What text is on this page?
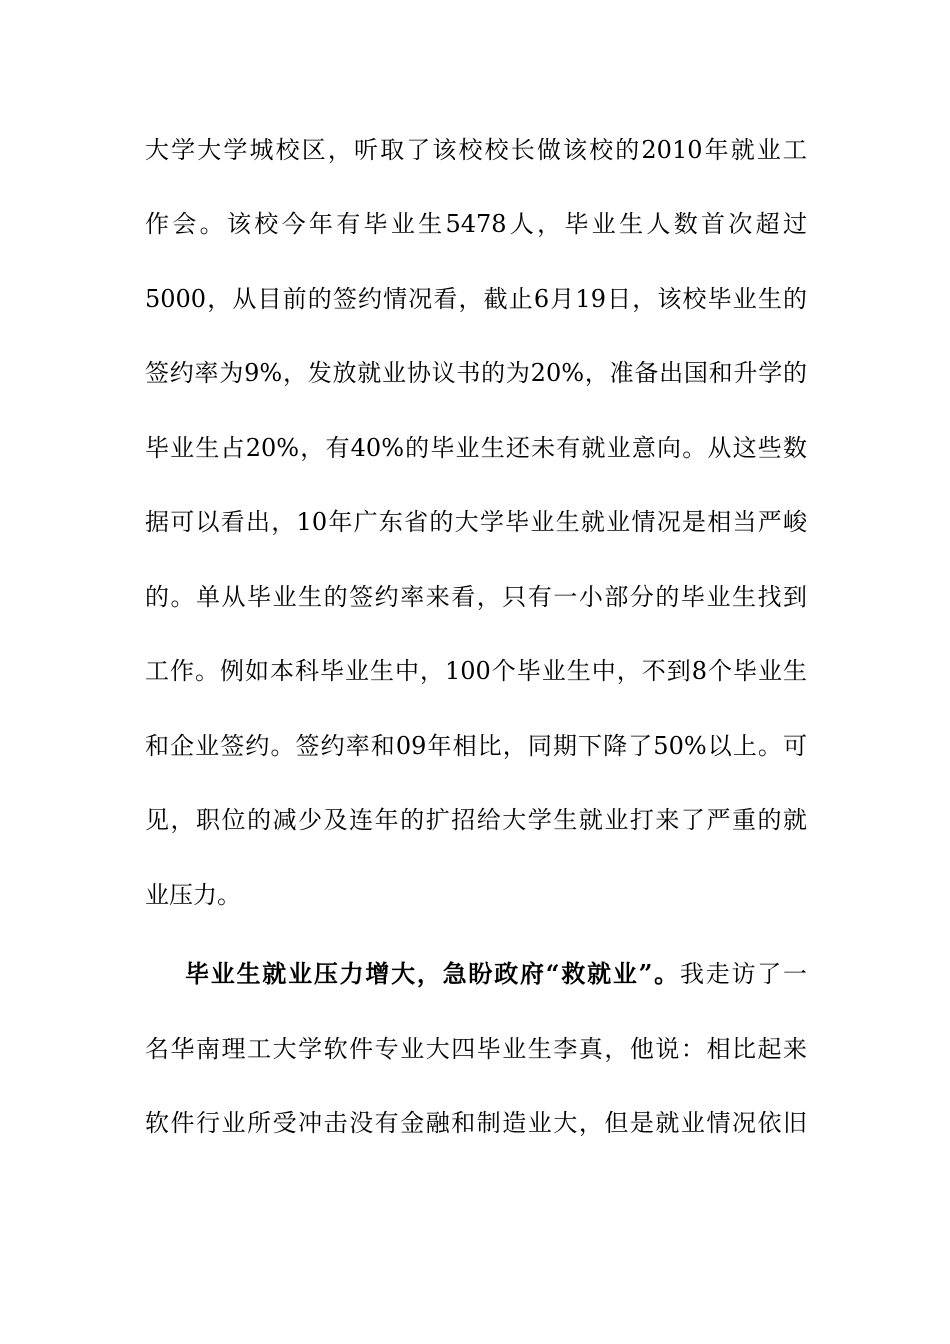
大学大学城校区，听取了该校校长做该校的2010年就业工
作会。该校今年有毕业生5478人，毕业生人数首次超过
5000，从目前的签约情况看，截止6月19日，该校毕业生的
签约率为9%，发放就业协议书的为20%，准备出国和升学的
毕业生占20%，有40%的毕业生还未有就业意向。从这些数
据可以看出，10年广东省的大学毕业生就业情况是相当严峻
的。单从毕业生的签约率来看，只有一小部分的毕业生找到
工作。例如本科毕业生中，100个毕业生中，不到8个毕业生
和企业签约。签约率和09年相比，同期下降了50%以上。可
见，职位的减少及连年的扩招给大学生就业打来了严重的就
业压力。
毕业生就业压力增大，急盼政府“救就业”。我走访了一
名华南理工大学软件专业大四毕业生李真，他说：相比起来
软件行业所受冲击没有金融和制造业大，但是就业情况依旧
